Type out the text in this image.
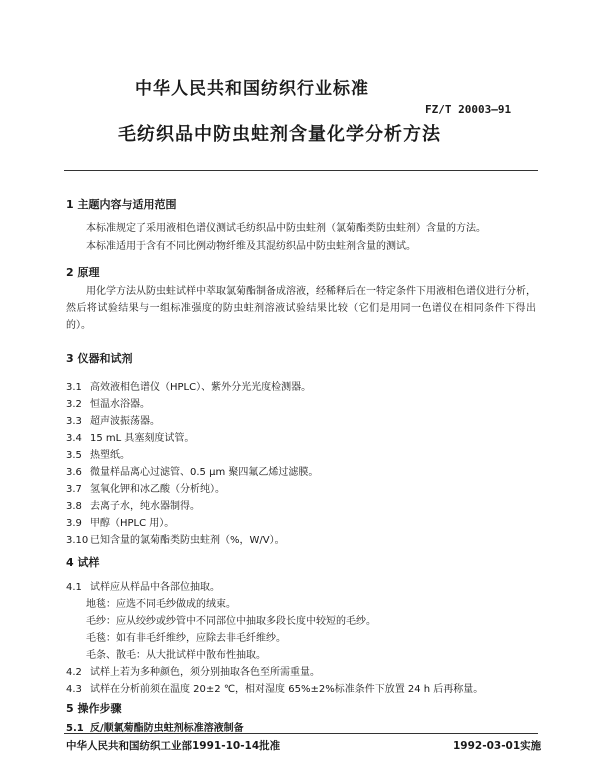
中华人民共和国纺织行业标准
FZ/T 20003—91
毛纺织品中防虫蛀剂含量化学分析方法
1 主题内容与适用范围
本标准规定了采用液相色谱仪测试毛纺织品中防虫蛀剂（氯菊酯类防虫蛀剂）含量的方法。
本标准适用于含有不同比例动物纤维及其混纺织品中防虫蛀剂含量的测试。
2 原理
用化学方法从防虫蛀试样中萃取氯菊酯制备成溶液，经稀释后在一特定条件下用液相色谱仪进行分析，然后将试验结果与一组标准强度的防虫蛀剂溶液试验结果比较（它们是用同一色谱仪在相同条件下得出的）。
3 仪器和试剂
3.1 高效液相色谱仪（HPLC）、紫外分光光度检测器。
3.2 恒温水浴器。
3.3 超声波振荡器。
3.4 15 mL 具塞刻度试管。
3.5 热塑纸。
3.6 微量样品离心过滤管、0.5 μm 聚四氟乙烯过滤膜。
3.7 氢氧化钾和冰乙酸（分析纯）。
3.8 去离子水，纯水器制得。
3.9 甲醇（HPLC 用）。
3.10 已知含量的氯菊酯类防虫蛀剂（%，W/V）。
4 试样
4.1 试样应从样品中各部位抽取。
地毯：应选不同毛纱做成的绒束。
毛纱：应从绞纱或纱管中不同部位中抽取多段长度中较短的毛纱。
毛毯：如有非毛纤维纱，应除去非毛纤维纱。
毛条、散毛：从大批试样中散布性抽取。
4.2 试样上若为多种颜色，须分别抽取各色至所需重量。
4.3 试样在分析前须在温度 20±2 ℃，相对湿度 65%±2%标准条件下放置 24 h 后再称量。
5 操作步骤
5.1 反/顺氯菊酯防虫蛀剂标准溶液制备
中华人民共和国纺织工业部1991-10-14批准	1992-03-01实施
